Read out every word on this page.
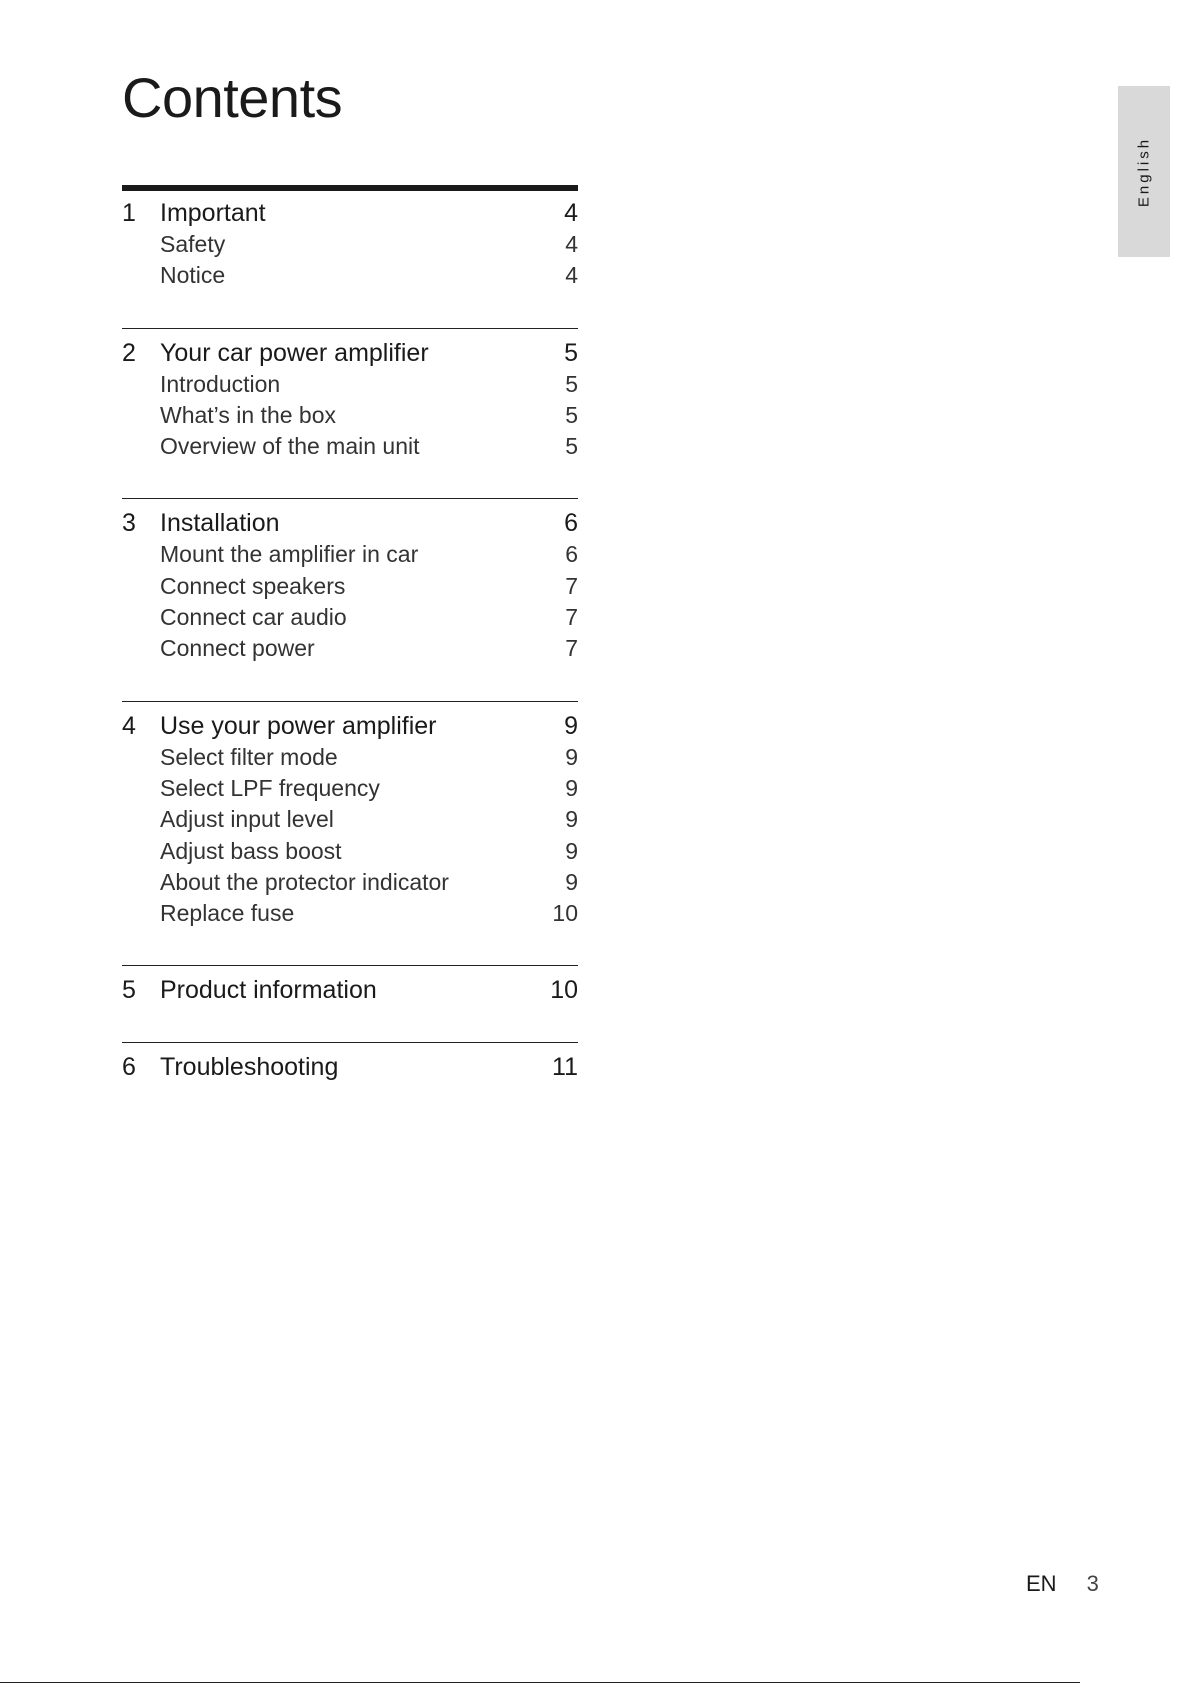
Contents
English
1 Important	4
Safety	4
Notice	4
2 Your car power amplifier	5
Introduction	5
What’s in the box	5
Overview of the main unit	5
3 Installation	6
Mount the amplifier in car	6
Connect speakers	7
Connect car audio	7
Connect power	7
4 Use your power amplifier	9
Select filter mode	9
Select LPF frequency	9
Adjust input level	9
Adjust bass boost	9
About the protector indicator	9
Replace fuse	10
5 Product information	10
6 Troubleshooting	11
EN 3
